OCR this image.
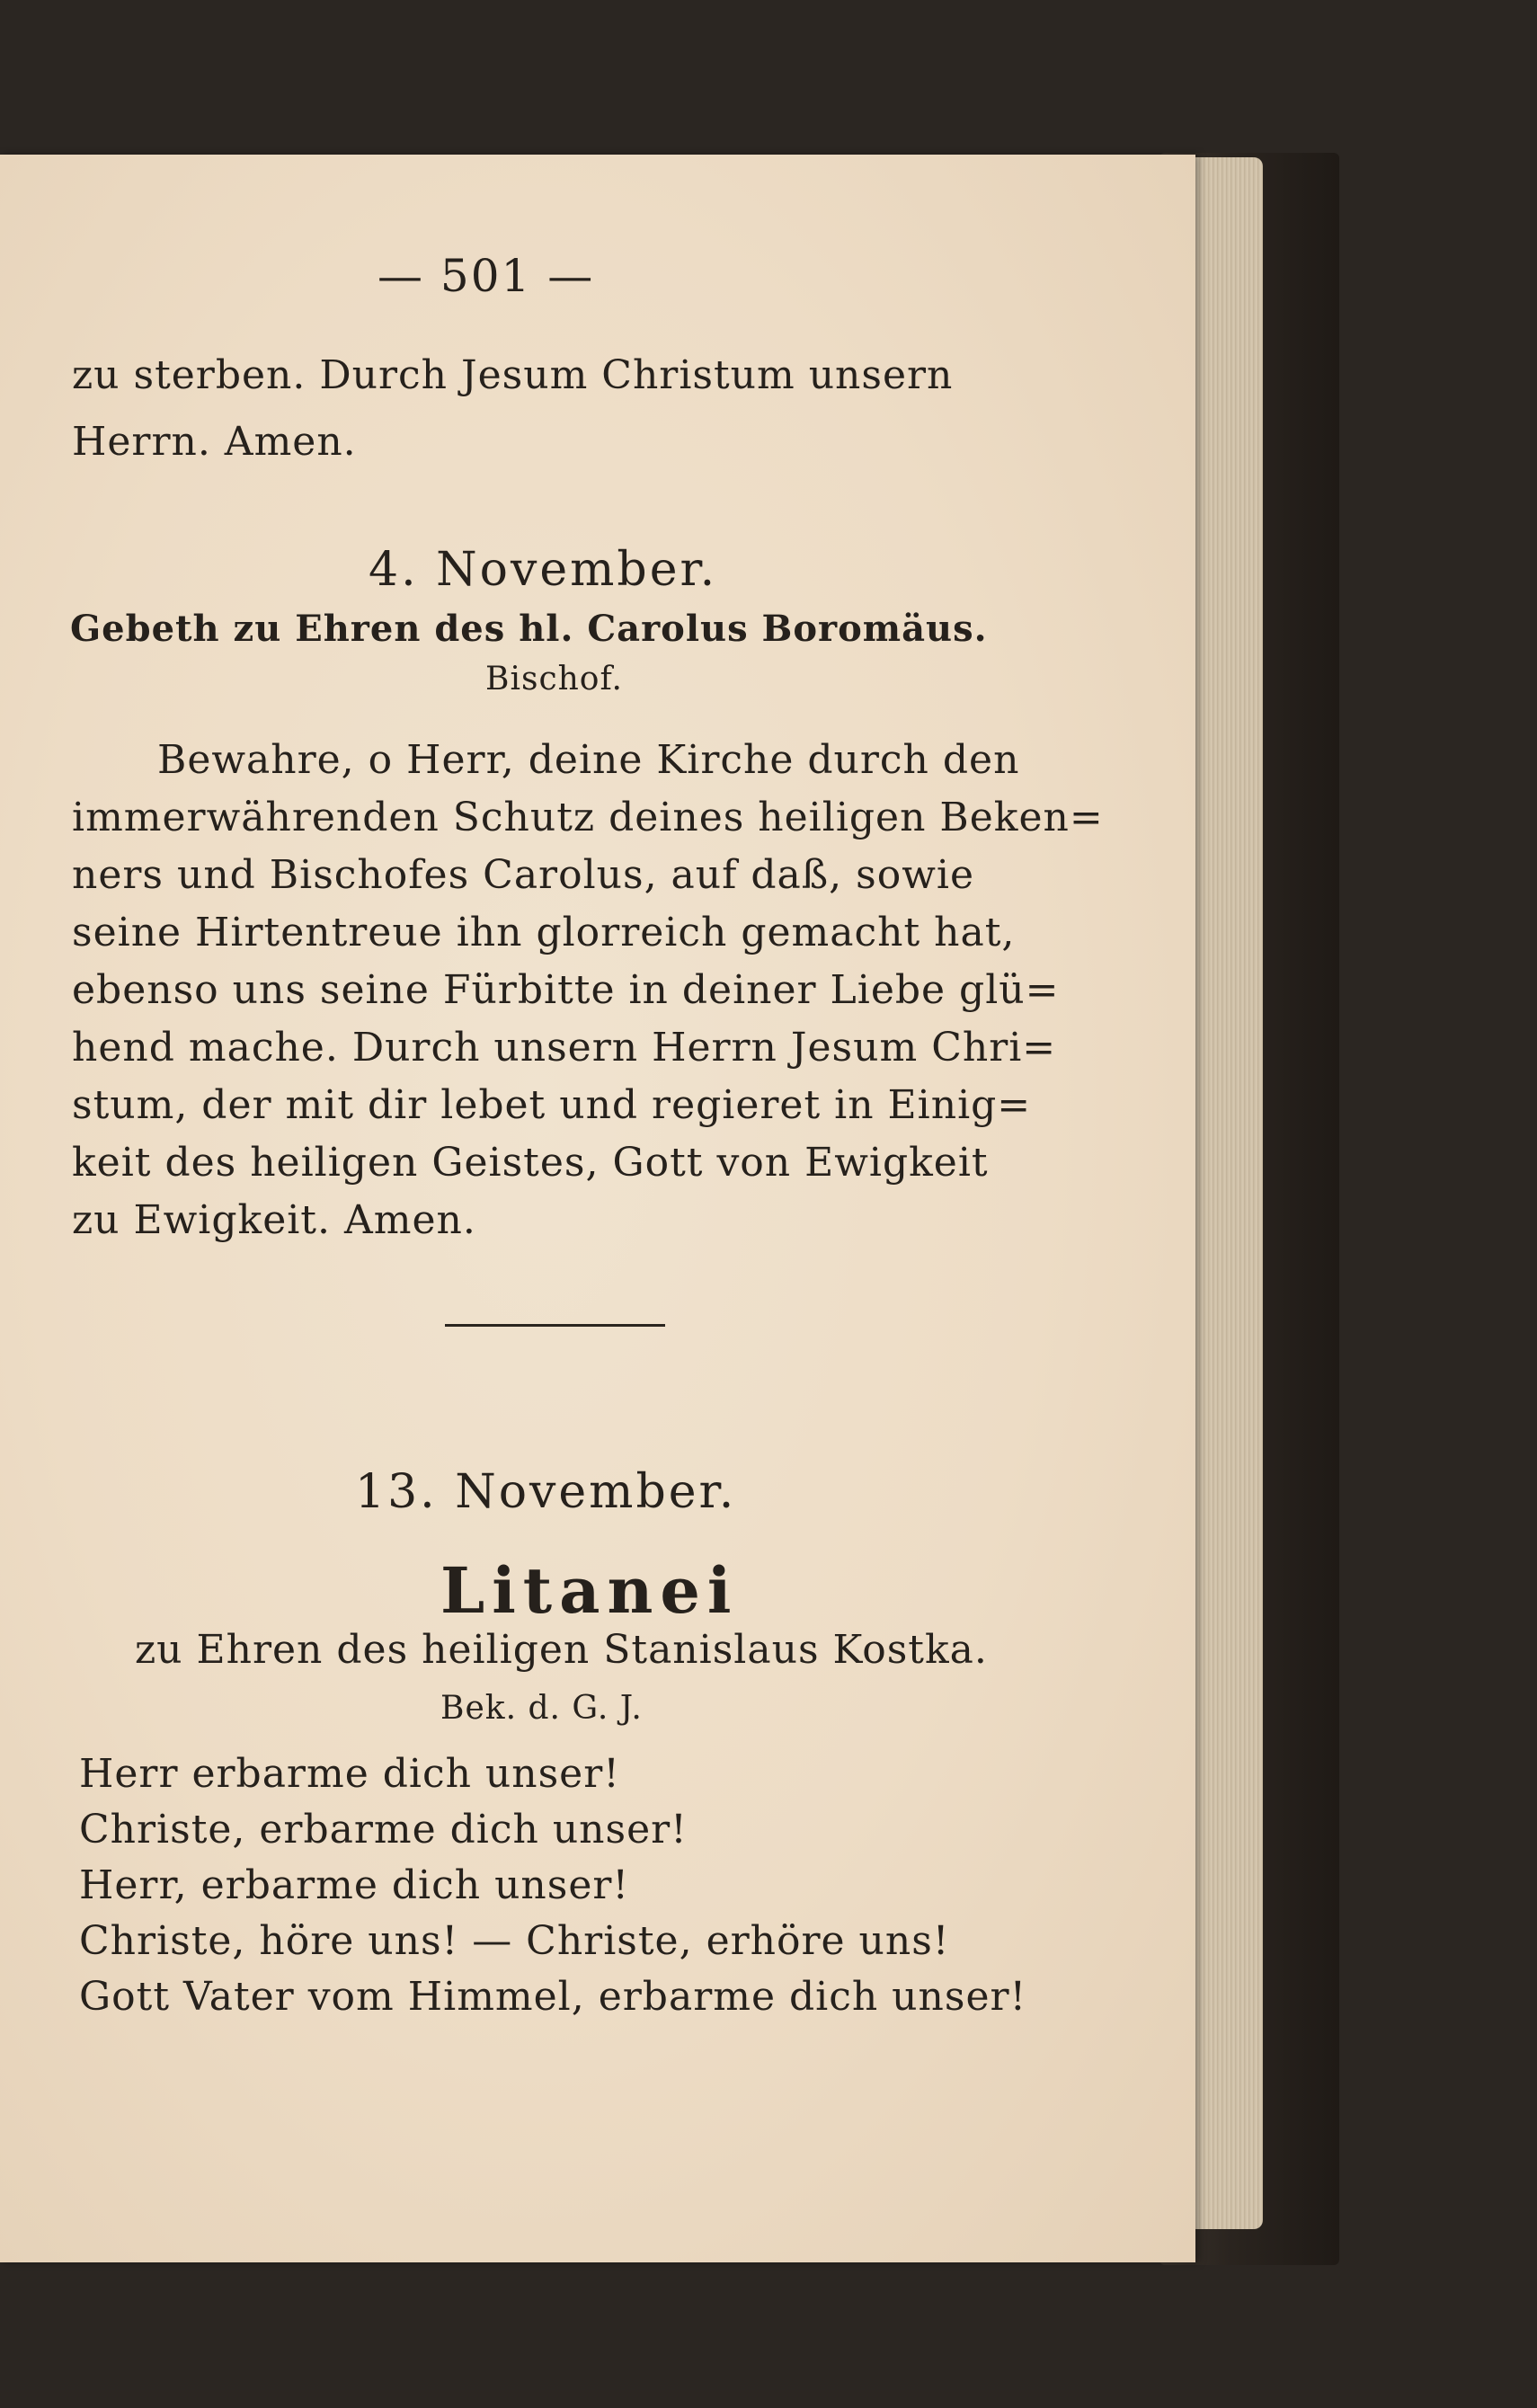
— 501 —
zu sterben. Durch Jesum Christum unsern
Herrn. Amen.
4. November.
Gebeth zu Ehren des hl. Carolus Boromäus.
Bischof.
Bewahre, o Herr, deine Kirche durch den
immerwährenden Schutz deines heiligen Beken=
ners und Bischofes Carolus, auf daß, sowie
seine Hirtentreue ihn glorreich gemacht hat,
ebenso uns seine Fürbitte in deiner Liebe glü=
hend mache. Durch unsern Herrn Jesum Chri=
stum, der mit dir lebet und regieret in Einig=
keit des heiligen Geistes, Gott von Ewigkeit
zu Ewigkeit. Amen.
13. November.
Litanei
zu Ehren des heiligen Stanislaus Kostka.
Bek. d. G. J.
Herr erbarme dich unser!
Christe, erbarme dich unser!
Herr, erbarme dich unser!
Christe, höre uns! — Christe, erhöre uns!
Gott Vater vom Himmel, erbarme dich unser!
